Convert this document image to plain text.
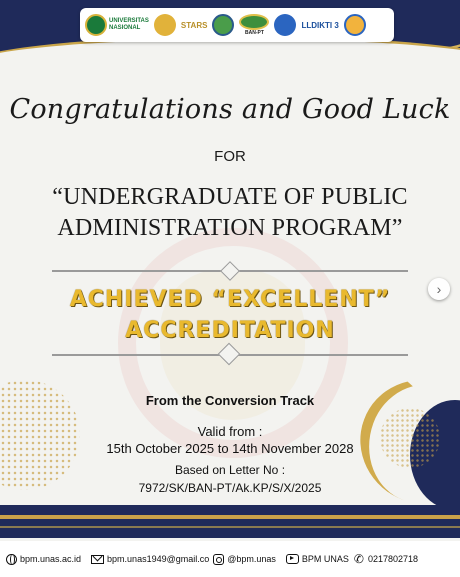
UNIVERSITAS
NASIONAL	STARS
BAN-PT
LLDIKTI 3
Congratulations and Good Luck
FOR
“UNDERGRADUATE OF PUBLIC
ADMINISTRATION PROGRAM”
ACHIEVED “EXCELLENT”
ACCREDITATION
From the Conversion Track
Valid from :
15th October 2025 to 14th November 2028
Based on Letter No :
7972/SK/BAN-PT/Ak.KP/S/X/2025
bpm.unas.ac.id	bpm.unas1949@gmail.co @bpm.unas	BPM UNAS ✆ 0217802718
›
